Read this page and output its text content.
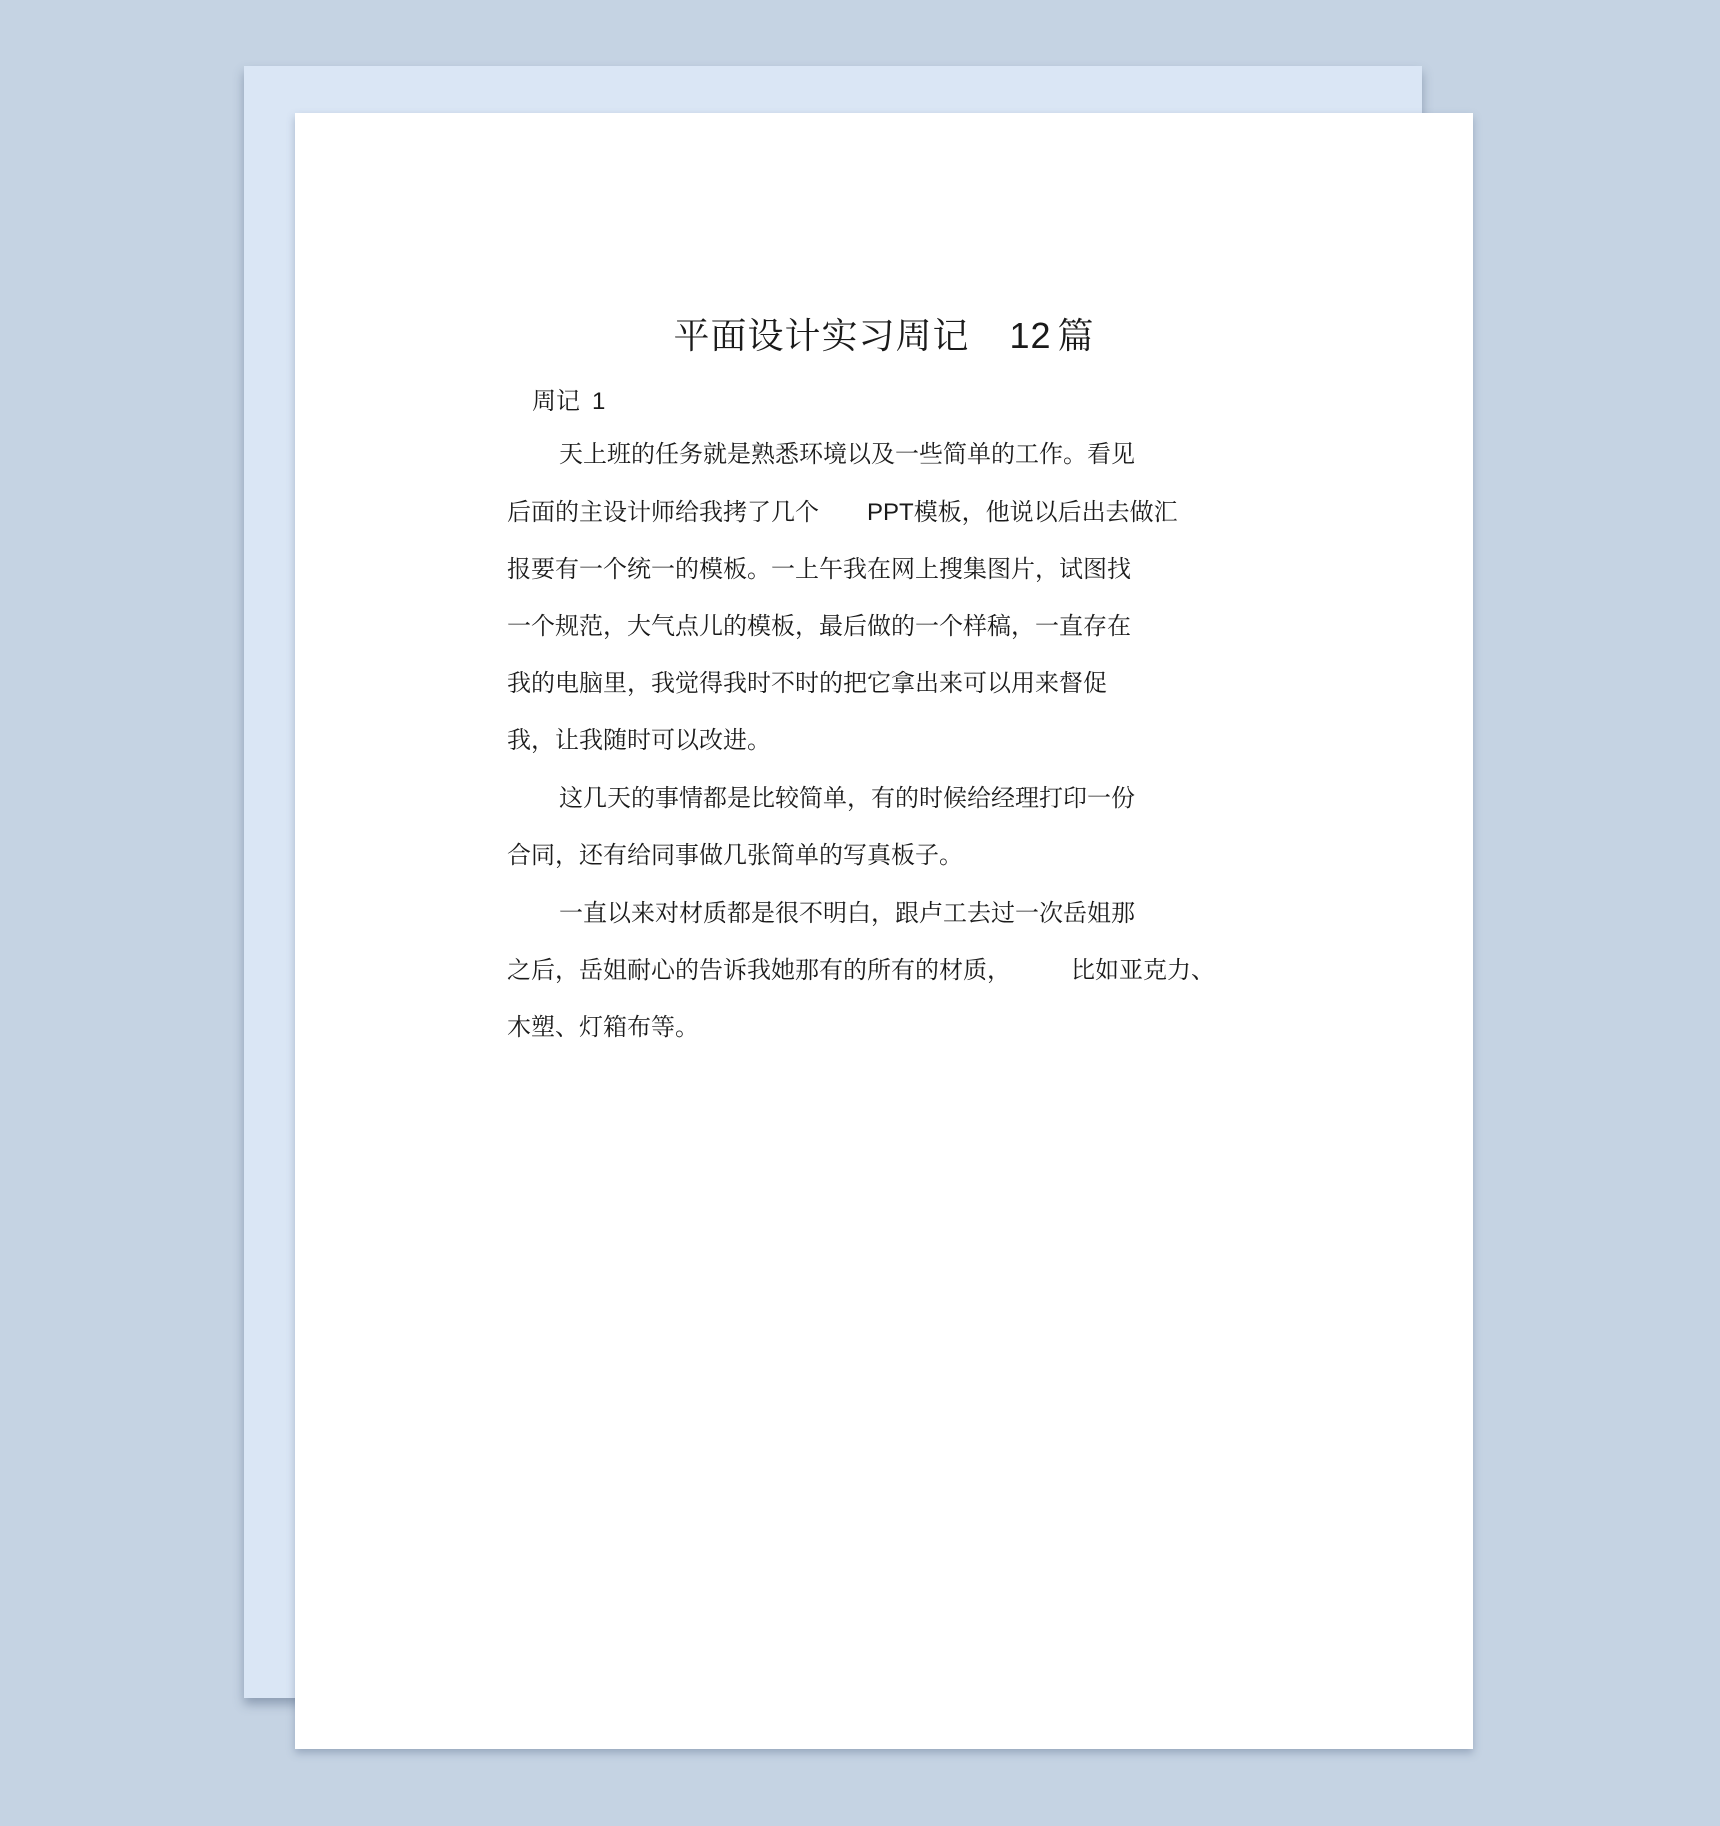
平面设计实习周记 12 篇
周记 1
天上班的任务就是熟悉环境以及一些简单的工作。看见
后面的主设计师给我拷了几个 PPT模板，他说以后出去做汇
报要有一个统一的模板。一上午我在网上搜集图片，试图找
一个规范，大气点儿的模板，最后做的一个样稿，一直存在
我的电脑里，我觉得我时不时的把它拿出来可以用来督促
我，让我随时可以改进。
这几天的事情都是比较简单，有的时候给经理打印一份
合同，还有给同事做几张简单的写真板子。
一直以来对材质都是很不明白，跟卢工去过一次岳姐那
之后，岳姐耐心的告诉我她那有的所有的材质，	比如亚克力、
木塑、灯箱布等。
